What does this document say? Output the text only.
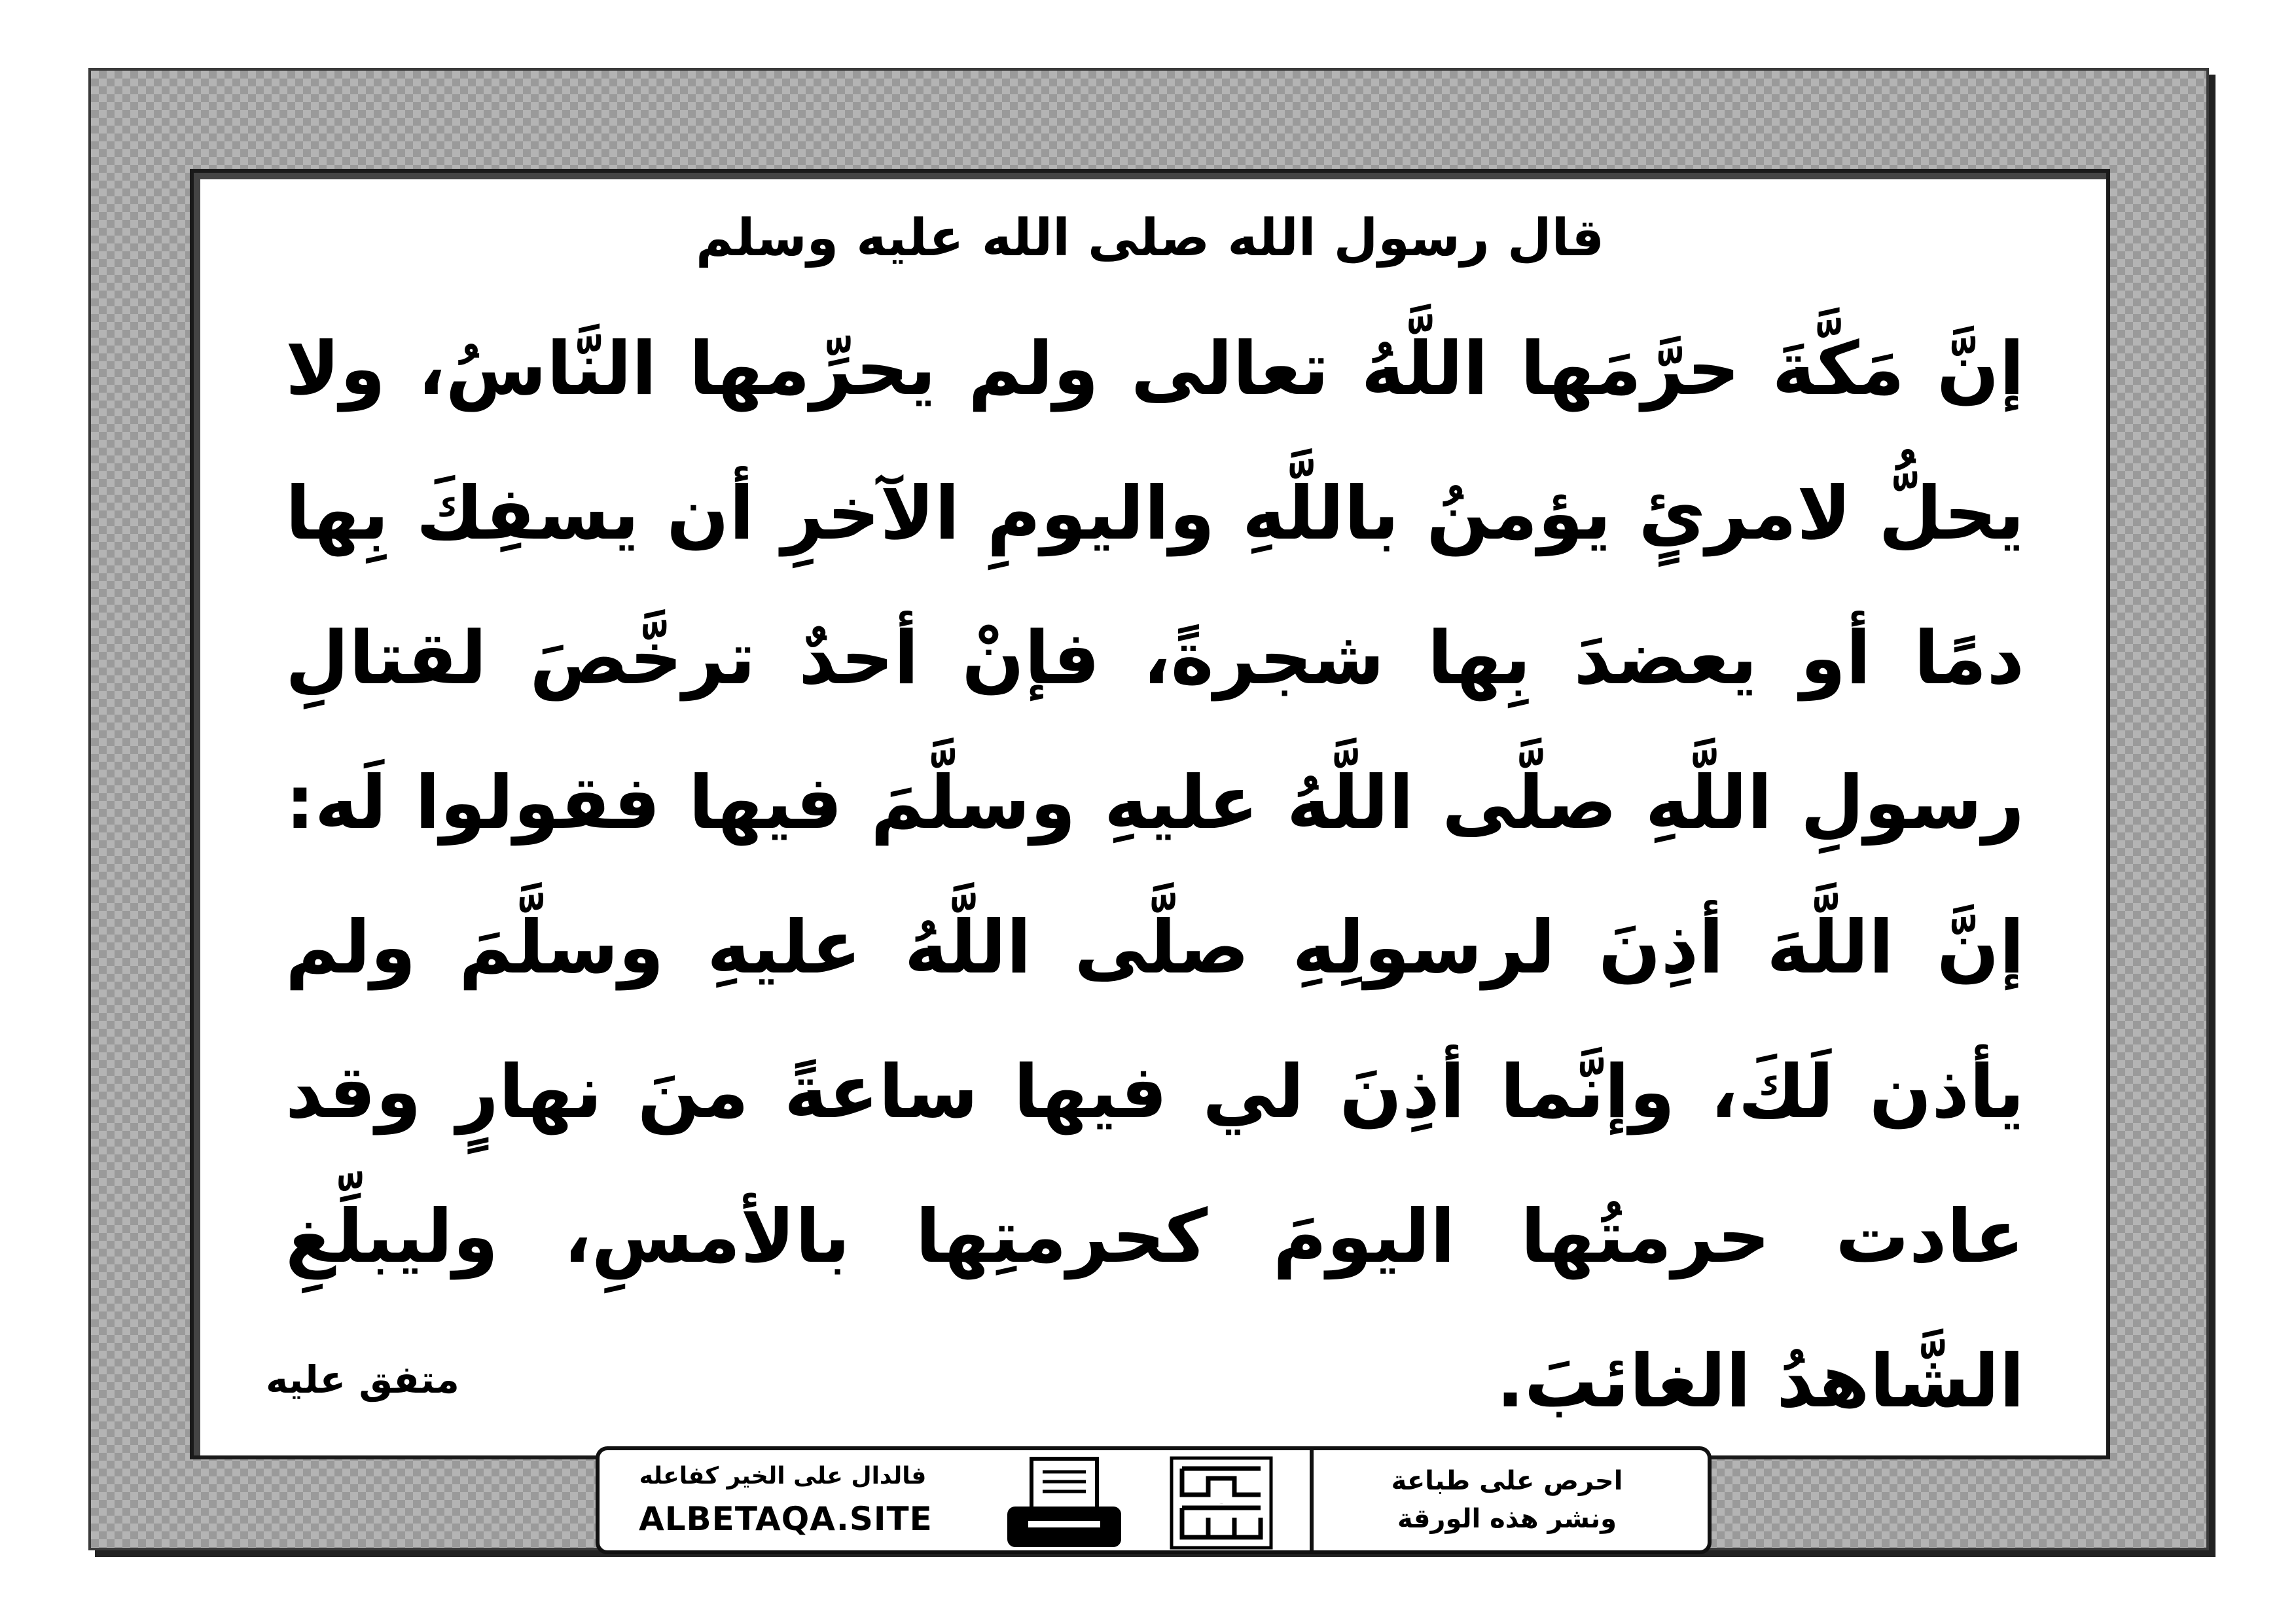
قال رسول الله صلى الله عليه وسلم
إنَّ مَكَّةَ حرَّمَها اللَّهُ تعالى ولم يحرِّمها النَّاسُ، ولا يحلُّ لامرئٍ يؤمنُ باللَّهِ واليومِ الآخرِ أن يسفِكَ بِها دمًا أو يعضدَ بِها شجرةً، فإنْ أحدٌ ترخَّصَ لقتالِ رسولِ اللَّهِ صلَّى اللَّهُ عليهِ وسلَّمَ فيها فقولوا لَه: إنَّ اللَّهَ أذِنَ لرسولِهِ صلَّى اللَّهُ عليهِ وسلَّمَ ولم يأذن لَكَ، وإنَّما أذِنَ لي فيها ساعةً منَ نهارٍ وقد عادت حرمتُها اليومَ كحرمتِها بالأمسِ، وليبلِّغِ الشَّاهدُ الغائبَ.
متفق عليه
فالدال على الخير كفاعله
ALBETAQA.SITE	دعوة الورقة
احرص على طباعة
ونشر هذه الورقة
